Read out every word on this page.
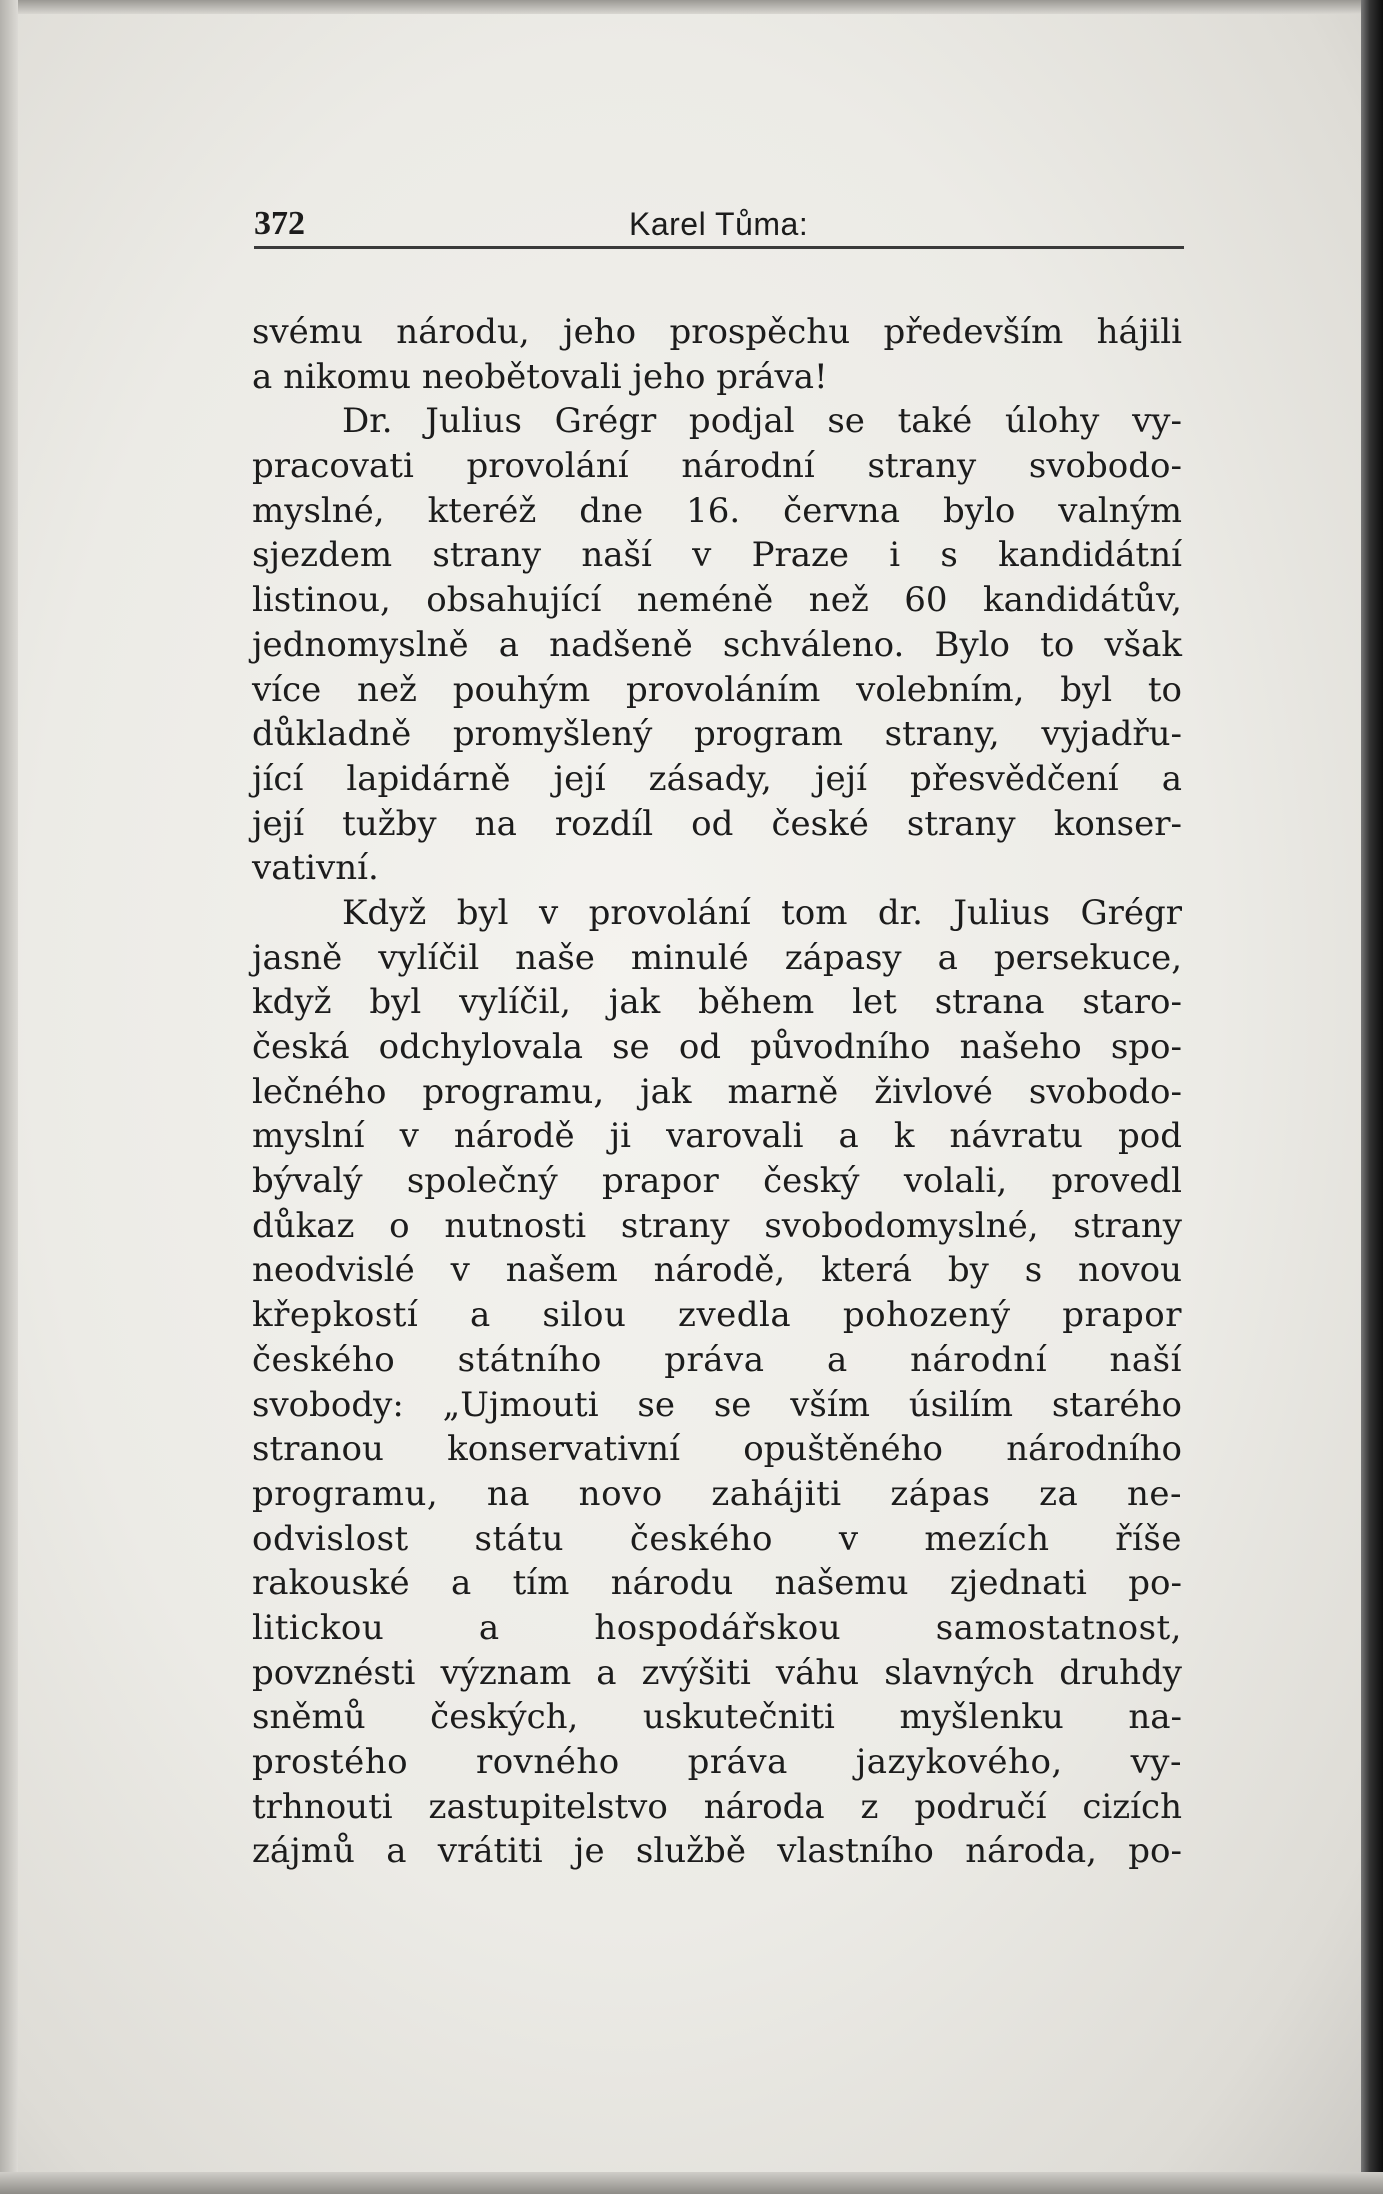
372	Karel Tůma:
svému národu, jeho prospěchu především hájili
a nikomu neobětovali jeho práva!
Dr. Julius Grégr podjal se také úlohy vy-
pracovati provolání národní strany svobodo-
myslné, kteréž dne 16. června bylo valným
sjezdem strany naší v Praze i s kandidátní
listinou, obsahující neméně než 60 kandidátův,
jednomyslně a nadšeně schváleno. Bylo to však
více než pouhým provoláním volebním, byl to
důkladně promyšlený program strany, vyjadřu-
jící lapidárně její zásady, její přesvědčení a
její tužby na rozdíl od české strany konser-
vativní.
Když byl v provolání tom dr. Julius Grégr
jasně vylíčil naše minulé zápasy a persekuce,
když byl vylíčil, jak během let strana staro-
česká odchylovala se od původního našeho spo-
lečného programu, jak marně živlové svobodo-
myslní v národě ji varovali a k návratu pod
bývalý společný prapor český volali, provedl
důkaz o nutnosti strany svobodomyslné, strany
neodvislé v našem národě, která by s novou
křepkostí a silou zvedla pohozený prapor
českého státního práva a národní naší
svobody: „Ujmouti se se vším úsilím starého
stranou konservativní opuštěného národního
programu, na novo zahájiti zápas za ne-
odvislost státu českého v mezích říše
rakouské a tím národu našemu zjednati po-
litickou a hospodářskou samostatnost,
povznésti význam a zvýšiti váhu slavných druhdy
sněmů českých, uskutečniti myšlenku na-
prostého rovného práva jazykového, vy-
trhnouti zastupitelstvo národa z područí cizích
zájmů a vrátiti je službě vlastního národa, po-
